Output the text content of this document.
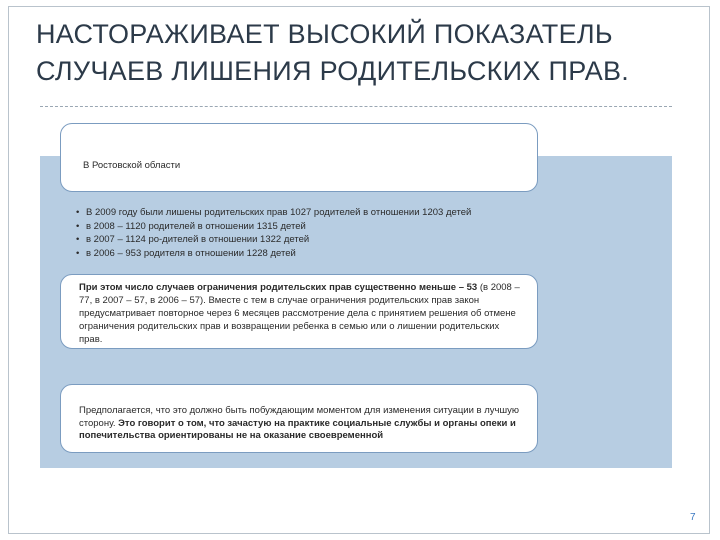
НАСТОРАЖИВАЕТ ВЫСОКИЙ ПОКАЗАТЕЛЬ
СЛУЧАЕВ ЛИШЕНИЯ РОДИТЕЛЬСКИХ ПРАВ.
В Ростовской области
• В 2009 году были лишены родительских прав 1027 родителей в отношении 1203 детей
• в 2008 – 1120 родителей в отношении 1315 детей
• в 2007 – 1124 ро-дителей в отношении 1322 детей
• в 2006 – 953 родителя в отношении 1228 детей
При этом число случаев ограничения родительских прав существенно меньше – 53 (в 2008 – 77, в 2007 – 57, в 2006 – 57). Вместе с тем в случае ограничения родительских прав закон предусматривает повторное через 6 месяцев рассмотрение дела с принятием решения об отмене ограничения родительских прав и возвращении ребенка в семью или о лишении родительских прав.
Предполагается, что это должно быть побуждающим моментом для изменения ситуации в лучшую сторону. Это говорит о том, что зачастую на практике социальные службы и органы опеки и попечительства ориентированы не на оказание своевременной
7
